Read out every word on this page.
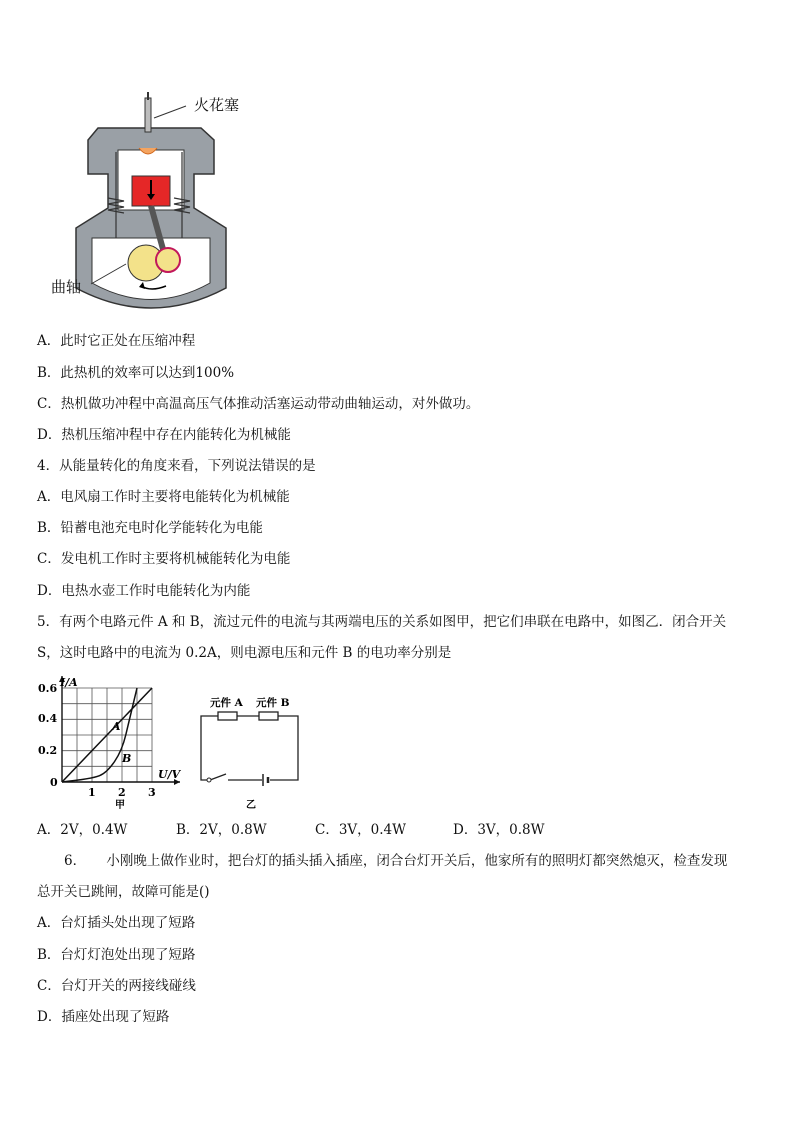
火花塞
曲轴
A．此时它正处在压缩冲程
B．此热机的效率可以达到100%
C．热机做功冲程中高温高压气体推动活塞运动带动曲轴运动，对外做功。
D．热机压缩冲程中存在内能转化为机械能
4．从能量转化的角度来看，下列说法错误的是
A．电风扇工作时主要将电能转化为机械能
B．铅蓄电池充电时化学能转化为电能
C．发电机工作时主要将机械能转化为电能
D．电热水壶工作时电能转化为内能
5．有两个电路元件 A 和 B，流过元件的电流与其两端电压的关系如图甲，把它们串联在电路中，如图乙．闭合开关
S，这时电路中的电流为 0.2A，则电源电压和元件 B 的电功率分别是
I/A
U/V
0.6
0.4
0.2
0
1 2 3
A
B
甲
元件 A 元件 B
乙
A．2V，0.4W	B．2V，0.8W	C．3V，0.4W	D．3V，0.8W
6．　　小刚晚上做作业时，把台灯的插头插入插座，闭合台灯开关后，他家所有的照明灯都突然熄灭，检查发现
总开关已跳闸，故障可能是()
A．台灯插头处出现了短路
B．台灯灯泡处出现了短路
C．台灯开关的两接线碰线
D．插座处出现了短路
